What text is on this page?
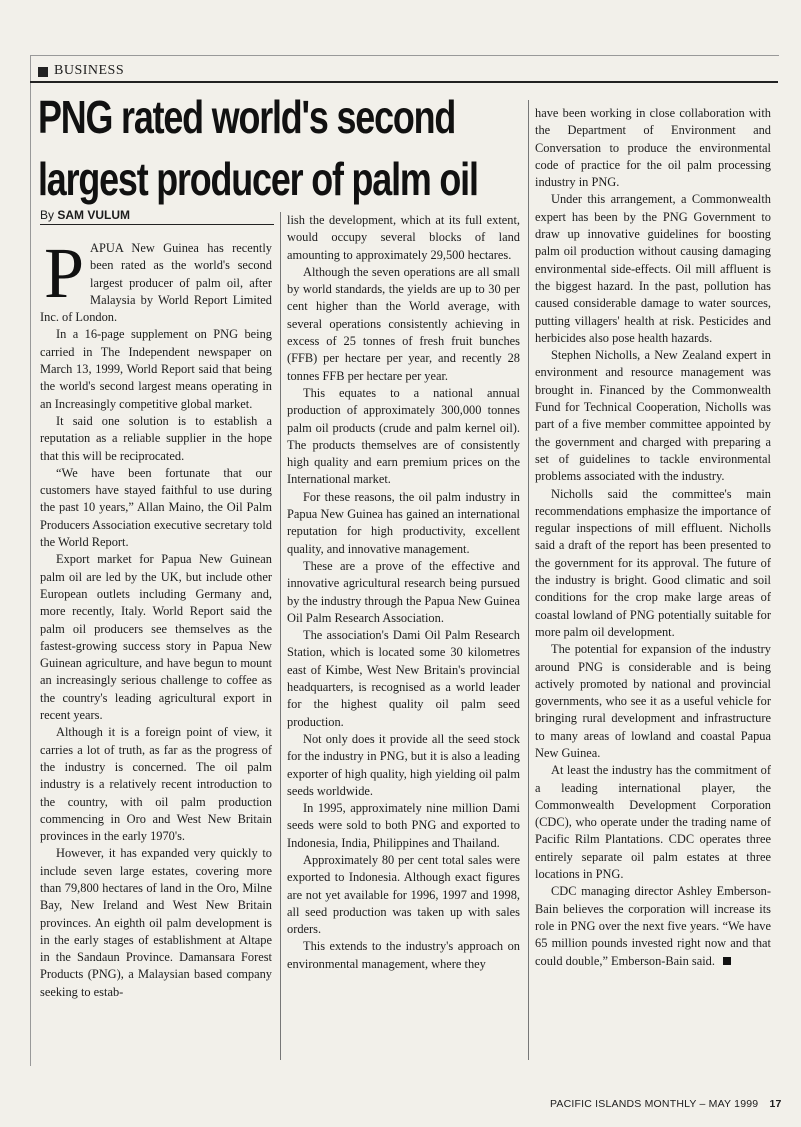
BUSINESS
PNG rated world's second
largest producer of palm oil
By SAM VULUM

PAPUA New Guinea has recently been rated as the world's second largest producer of palm oil, after Malaysia by World Report Limited Inc. of London.

In a 16-page supplement on PNG being carried in The Independent newspaper on March 13, 1999, World Report said that being the world's second largest means operating in an Increasingly competitive global market.

It said one solution is to establish a reputation as a reliable supplier in the hope that this will be reciprocated.

“We have been fortunate that our customers have stayed faithful to use during the past 10 years,” Allan Maino, the Oil Palm Producers Association executive secretary told the World Report.

Export market for Papua New Guinean palm oil are led by the UK, but include other European outlets including Germany and, more recently, Italy. World Report said the palm oil producers see themselves as the fastest-growing success story in Papua New Guinean agriculture, and have begun to mount an increasingly serious challenge to coffee as the country's leading agricultural export in recent years.

Although it is a foreign point of view, it carries a lot of truth, as far as the progress of the industry is concerned. The oil palm industry is a relatively recent introduction to the country, with oil palm production commencing in Oro and West New Britain provinces in the early 1970's.

However, it has expanded very quickly to include seven large estates, covering more than 79,800 hectares of land in the Oro, Milne Bay, New Ireland and West New Britain provinces. An eighth oil palm development is in the early stages of establishment at Altape in the Sandaun Province. Damansara Forest Products (PNG), a Malaysian based company seeking to estab-

lish the development, which at its full extent, would occupy several blocks of land amounting to approximately 29,500 hectares.

Although the seven operations are all small by world standards, the yields are up to 30 per cent higher than the World average, with several operations consistently achieving in excess of 25 tonnes of fresh fruit bunches (FFB) per hectare per year, and recently 28 tonnes FFB per hectare per year.

This equates to a national annual production of approximately 300,000 tonnes palm oil products (crude and palm kernel oil). The products themselves are of consistently high quality and earn premium prices on the International market.

For these reasons, the oil palm industry in Papua New Guinea has gained an international reputation for high productivity, excellent quality, and innovative management.

These are a prove of the effective and innovative agricultural research being pursued by the industry through the Papua New Guinea Oil Palm Research Association.

The association's Dami Oil Palm Research Station, which is located some 30 kilometres east of Kimbe, West New Britain's provincial headquarters, is recognised as a world leader for the highest quality oil palm seed production.

Not only does it provide all the seed stock for the industry in PNG, but it is also a leading exporter of high quality, high yielding oil palm seeds worldwide.

In 1995, approximately nine million Dami seeds were sold to both PNG and exported to Indonesia, India, Philippines and Thailand.

Approximately 80 per cent total sales were exported to Indonesia. Although exact figures are not yet available for 1996, 1997 and 1998, all seed production was taken up with sales orders.

This extends to the industry's approach on environmental management, where they

have been working in close collaboration with the Department of Environment and Conversation to produce the environmental code of practice for the oil palm processing industry in PNG.

Under this arrangement, a Commonwealth expert has been by the PNG Government to draw up innovative guidelines for boosting palm oil production without causing damaging environmental side-effects. Oil mill affluent is the biggest hazard. In the past, pollution has caused considerable damage to water sources, putting villagers' health at risk. Pesticides and herbicides also pose health hazards.

Stephen Nicholls, a New Zealand expert in environment and resource management was brought in. Financed by the Commonwealth Fund for Technical Cooperation, Nicholls was part of a five member committee appointed by the government and charged with preparing a set of guidelines to tackle environmental problems associated with the industry.

Nicholls said the committee's main recommendations emphasize the importance of regular inspections of mill effluent. Nicholls said a draft of the report has been presented to the government for its approval. The future of the industry is bright. Good climatic and soil conditions for the crop make large areas of coastal lowland of PNG potentially suitable for more palm oil development.

The potential for expansion of the industry around PNG is considerable and is being actively promoted by national and provincial governments, who see it as a useful vehicle for bringing rural development and infrastructure to many areas of lowland and coastal Papua New Guinea.

At least the industry has the commitment of a leading international player, the Commonwealth Development Corporation (CDC), who operate under the trading name of Pacific Rilm Plantations. CDC operates three entirely separate oil palm estates at three locations in PNG.

CDC managing director Ashley Emberson-Bain believes the corporation will increase its role in PNG over the next five years. “We have 65 million pounds invested right now and that could double,” Emberson-Bain said.

PACIFIC ISLANDS MONTHLY – MAY 1999 17
